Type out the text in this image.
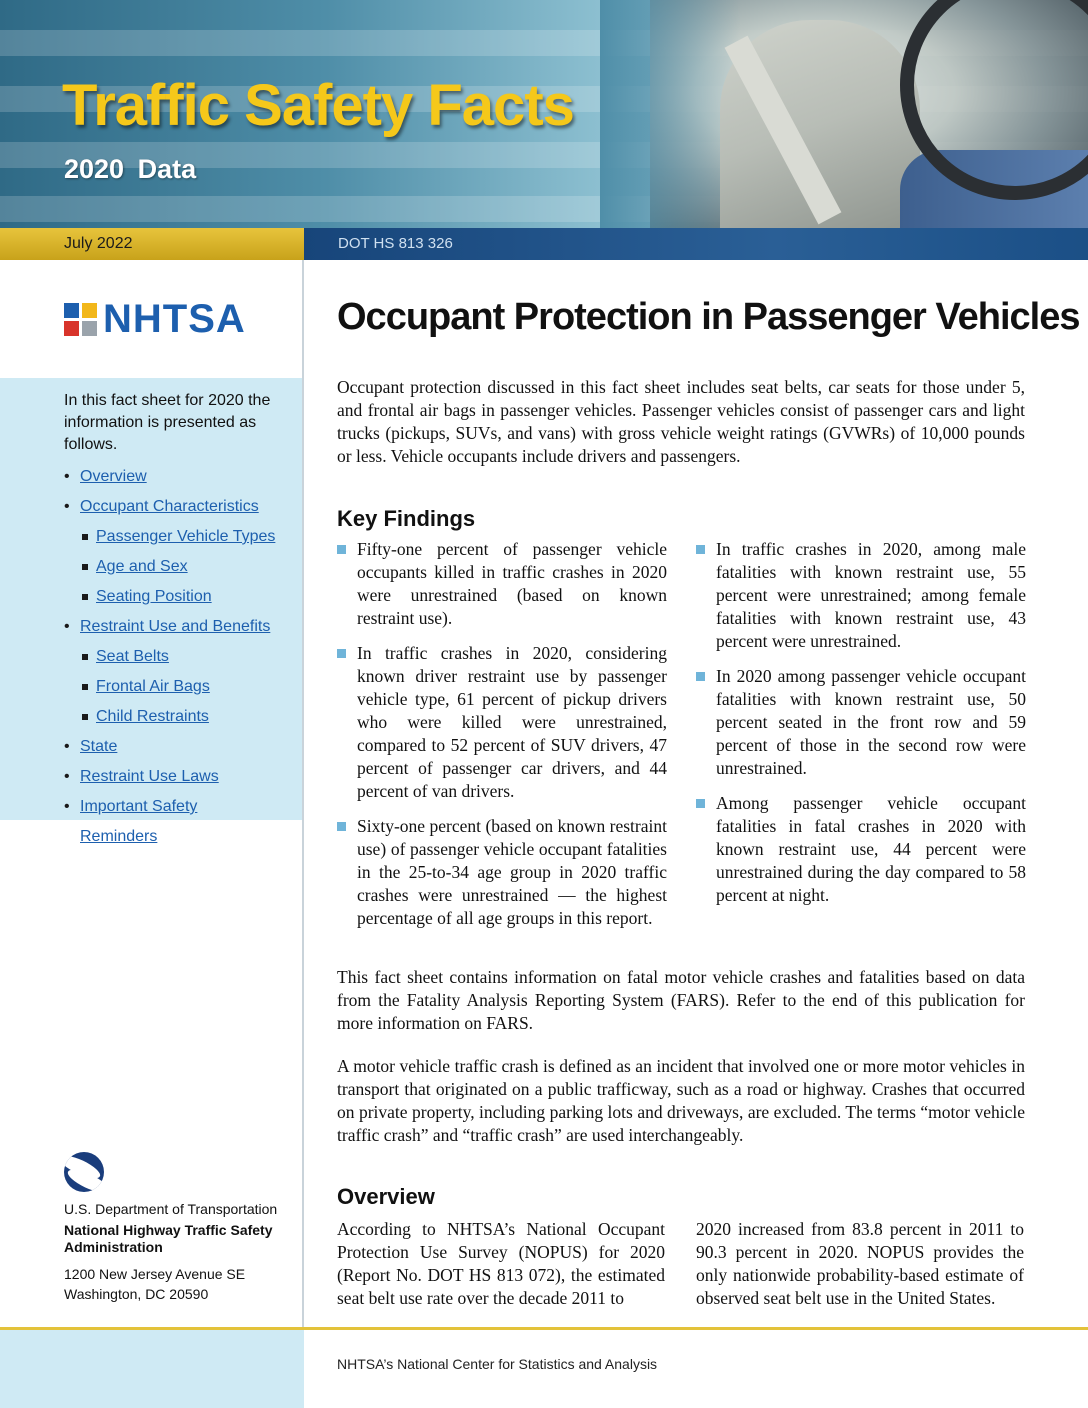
Traffic Safety Facts
2020 Data
July 2022	DOT HS 813 326
NHTSA
In this fact sheet for 2020 the information is presented as follows.
• Overview
• Occupant Characteristics
Passenger Vehicle Types
Age and Sex
Seating Position
• Restraint Use and Benefits
Seat Belts
Frontal Air Bags
Child Restraints
• State
• Restraint Use Laws
• Important Safety Reminders
U.S. Department of Transportation
National Highway Traffic Safety Administration
1200 New Jersey Avenue SE
Washington, DC 20590
Occupant Protection in Passenger Vehicles

Occupant protection discussed in this fact sheet includes seat belts, car seats for those under 5, and frontal air bags in passenger vehicles. Passenger vehicles consist of passenger cars and light trucks (pickups, SUVs, and vans) with gross vehicle weight ratings (GVWRs) of 10,000 pounds or less. Vehicle occupants include drivers and passengers.

Key Findings

Fifty-one percent of passenger vehicle occupants killed in traffic crashes in 2020 were unrestrained (based on known restraint use).

In traffic crashes in 2020, considering known driver restraint use by passenger vehicle type, 61 percent of pickup drivers who were killed were unrestrained, compared to 52 percent of SUV drivers, 47 percent of passenger car drivers, and 44 percent of van drivers.

Sixty-one percent (based on known restraint use) of passenger vehicle occupant fatalities in the 25-to-34 age group in 2020 traffic crashes were unrestrained — the highest percentage of all age groups in this report.

In traffic crashes in 2020, among male fatalities with known restraint use, 55 percent were unrestrained; among female fatalities with known restraint use, 43 percent were unrestrained.

In 2020 among passenger vehicle occupant fatalities with known restraint use, 50 percent seated in the front row and 59 percent of those in the second row were unrestrained.

Among passenger vehicle occupant fatalities in fatal crashes in 2020 with known restraint use, 44 percent were unrestrained during the day compared to 58 percent at night.

This fact sheet contains information on fatal motor vehicle crashes and fatalities based on data from the Fatality Analysis Reporting System (FARS). Refer to the end of this publication for more information on FARS.

A motor vehicle traffic crash is defined as an incident that involved one or more motor vehicles in transport that originated on a public trafficway, such as a road or highway. Crashes that occurred on private property, including parking lots and driveways, are excluded. The terms “motor vehicle traffic crash” and “traffic crash” are used interchangeably.

Overview

According to NHTSA’s National Occupant Protection Use Survey (NOPUS) for 2020 (Report No. DOT HS 813 072), the estimated seat belt use rate over the decade 2011 to

2020 increased from 83.8 percent in 2011 to 90.3 percent in 2020. NOPUS provides the only nationwide probability-based estimate of observed seat belt use in the United States.

NHTSA’s National Center for Statistics and Analysis
